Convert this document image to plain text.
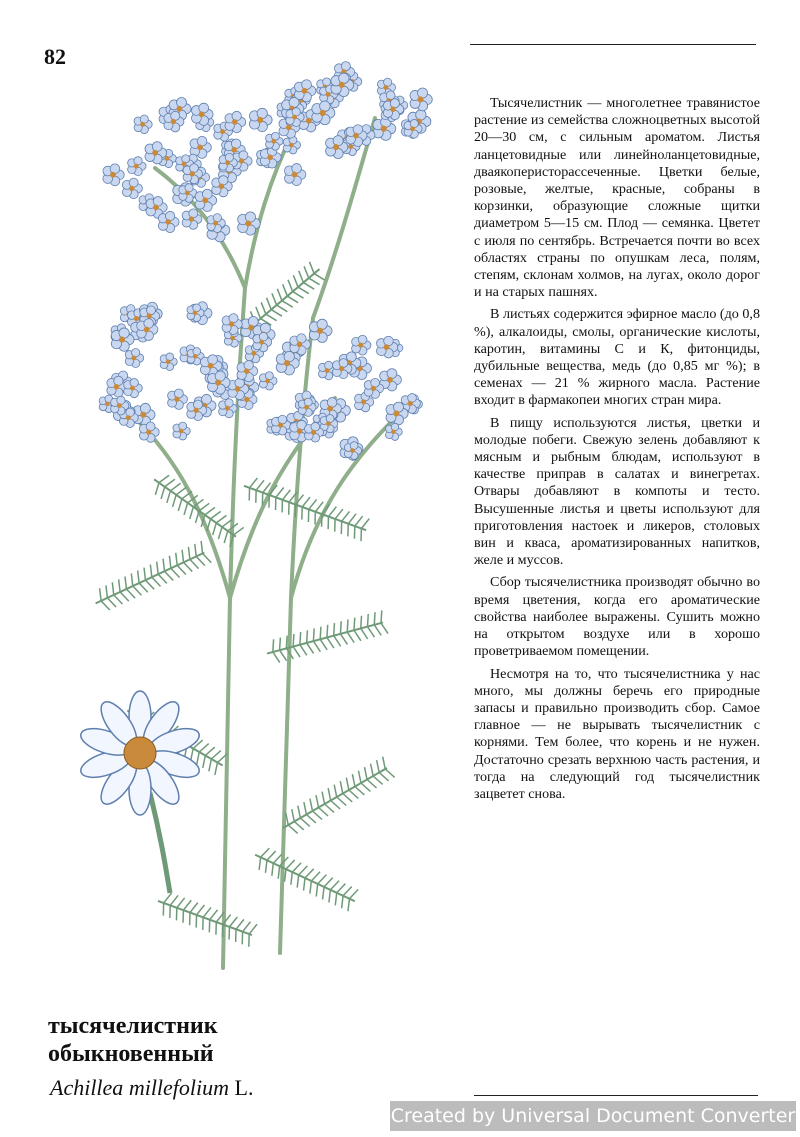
82

Тысячелистник — многолетнее травянистое растение из семейства сложноцветных высотой 20—30 см, с сильным ароматом. Листья ланцетовидные или линейноланцетовидные, дваякоперисторассеченные. Цветки белые, розовые, желтые, красные, собраны в корзинки, образующие сложные щитки диаметром 5—15 см. Плод — семянка. Цветет с июля по сентябрь. Встречается почти во всех областях страны по опушкам леса, полям, степям, склонам холмов, на лугах, около дорог и на старых пашнях.

В листьях содержится эфирное масло (до 0,8 %), алкалоиды, смолы, органические кислоты, каротин, витамины С и К, фитонциды, дубильные вещества, медь (до 0,85 мг %); в семенах — 21 % жирного масла. Растение входит в фармакопеи многих стран мира.

В пищу используются листья, цветки и молодые побеги. Свежую зелень добавляют к мясным и рыбным блюдам, используют в качестве приправ в салатах и винегретах. Отвары добавляют в компоты и тесто. Высушенные листья и цветы используют для приготовления настоек и ликеров, столовых вин и кваса, ароматизированных напитков, желе и муссов.

Сбор тысячелистника производят обычно во время цветения, когда его ароматические свойства наиболее выражены. Сушить можно на открытом воздухе или в хорошо проветриваемом помещении.

Несмотря на то, что тысячелистника у нас много, мы должны беречь его природные запасы и правильно производить сбор. Самое главное — не вырывать тысячелистник с корнями. Тем более, что корень и не нужен. Достаточно срезать верхнюю часть растения, и тогда на следующий год тысячелистник зацветет снова.

тысячелистник
обыкновенный
Achillea millefolium L.
Created by Universal Document Converter
